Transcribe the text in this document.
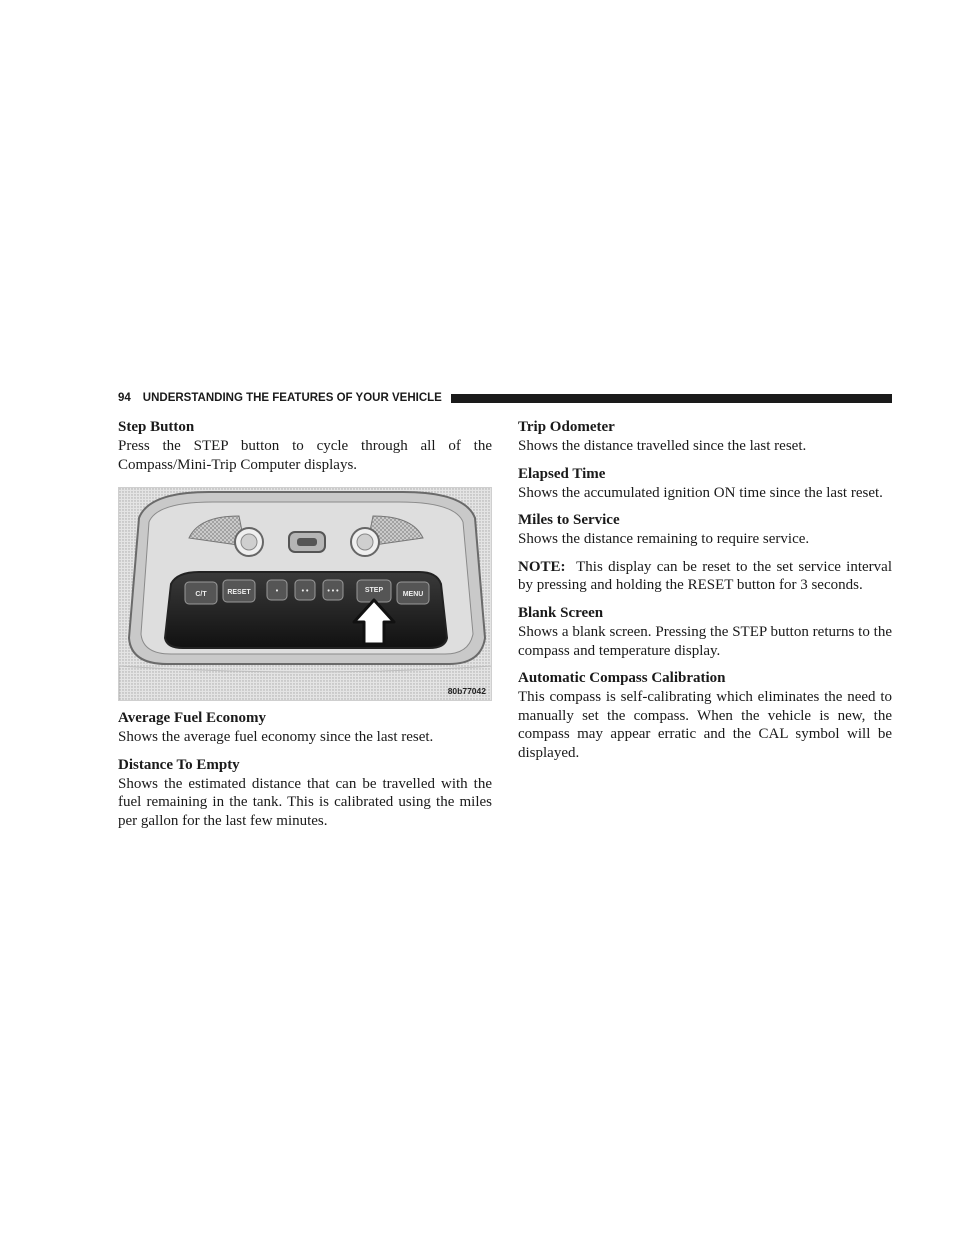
94 UNDERSTANDING THE FEATURES OF YOUR VEHICLE
Step Button

Press the STEP button to cycle through all of the Compass/Mini-Trip Computer displays.

C/T	RESET	•	• •	• • •	STEP
MENU
80b77042
Average Fuel Economy

Shows the average fuel economy since the last reset.

Distance To Empty

Shows the estimated distance that can be travelled with the fuel remaining in the tank. This is calibrated using the miles per gallon for the last few minutes.

Trip Odometer

Shows the distance travelled since the last reset.

Elapsed Time

Shows the accumulated ignition ON time since the last reset.

Miles to Service

Shows the distance remaining to require service.

NOTE: This display can be reset to the set service interval by pressing and holding the RESET button for 3 seconds.

Blank Screen

Shows a blank screen. Pressing the STEP button returns to the compass and temperature display.

Automatic Compass Calibration

This compass is self-calibrating which eliminates the need to manually set the compass. When the vehicle is new, the compass may appear erratic and the CAL symbol will be displayed.
